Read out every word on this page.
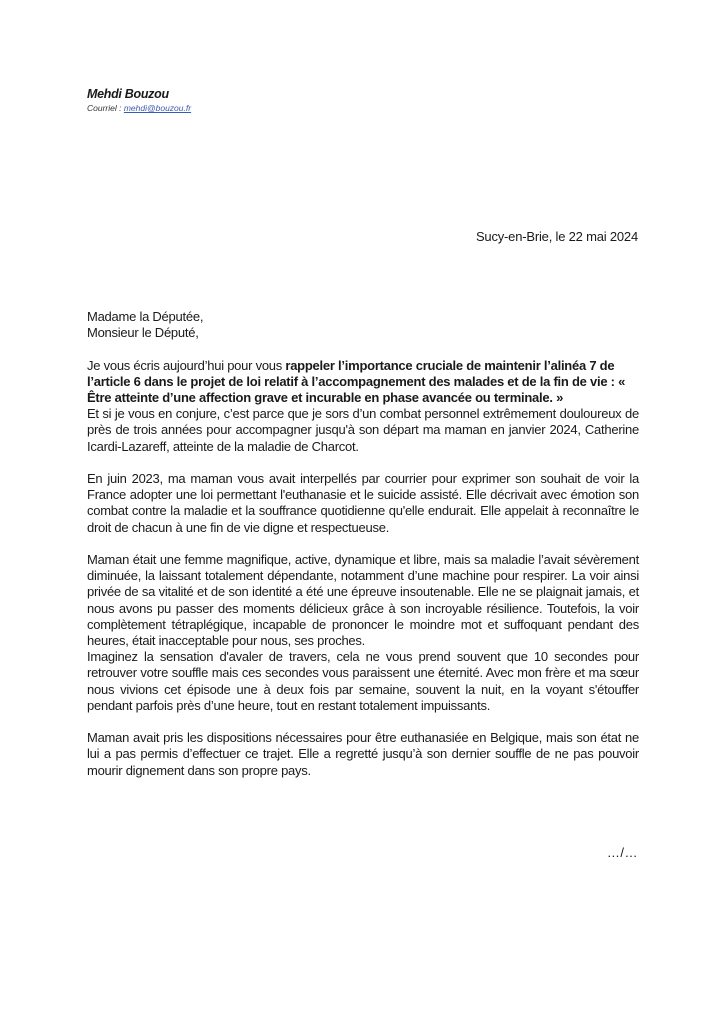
Mehdi Bouzou
Courriel : mehdi@bouzou.fr
Sucy-en-Brie, le 22 mai 2024

Madame la Députée,

Monsieur le Député,

Je vous écris aujourd’hui pour vous rappeler l’importance cruciale de maintenir l’alinéa 7 de l’article 6 dans le projet de loi relatif à l’accompagnement des malades et de la fin de vie : « Être atteinte d’une affection grave et incurable en phase avancée ou terminale. »

Et si je vous en conjure, c’est parce que je sors d’un combat personnel extrêmement douloureux de près de trois années pour accompagner jusqu'à son départ ma maman en janvier 2024, Catherine Icardi-Lazareff, atteinte de la maladie de Charcot.

En juin 2023, ma maman vous avait interpellés par courrier pour exprimer son souhait de voir la France adopter une loi permettant l'euthanasie et le suicide assisté. Elle décrivait avec émotion son combat contre la maladie et la souffrance quotidienne qu'elle endurait. Elle appelait à reconnaître le droit de chacun à une fin de vie digne et respectueuse.

Maman était une femme magnifique, active, dynamique et libre, mais sa maladie l’avait sévèrement diminuée, la laissant totalement dépendante, notamment d’une machine pour respirer. La voir ainsi privée de sa vitalité et de son identité a été une épreuve insoutenable. Elle ne se plaignait jamais, et nous avons pu passer des moments délicieux grâce à son incroyable résilience. Toutefois, la voir complètement tétraplégique, incapable de prononcer le moindre mot et suffoquant pendant des heures, était inacceptable pour nous, ses proches.

Imaginez la sensation d'avaler de travers, cela ne vous prend souvent que 10 secondes pour retrouver votre souffle mais ces secondes vous paraissent une éternité. Avec mon frère et ma sœur nous vivions cet épisode une à deux fois par semaine, souvent la nuit, en la voyant s'étouffer pendant parfois près d’une heure, tout en restant totalement impuissants.

Maman avait pris les dispositions nécessaires pour être euthanasiée en Belgique, mais son état ne lui a pas permis d’effectuer ce trajet. Elle a regretté jusqu’à son dernier souffle de ne pas pouvoir mourir dignement dans son propre pays.

…/…
